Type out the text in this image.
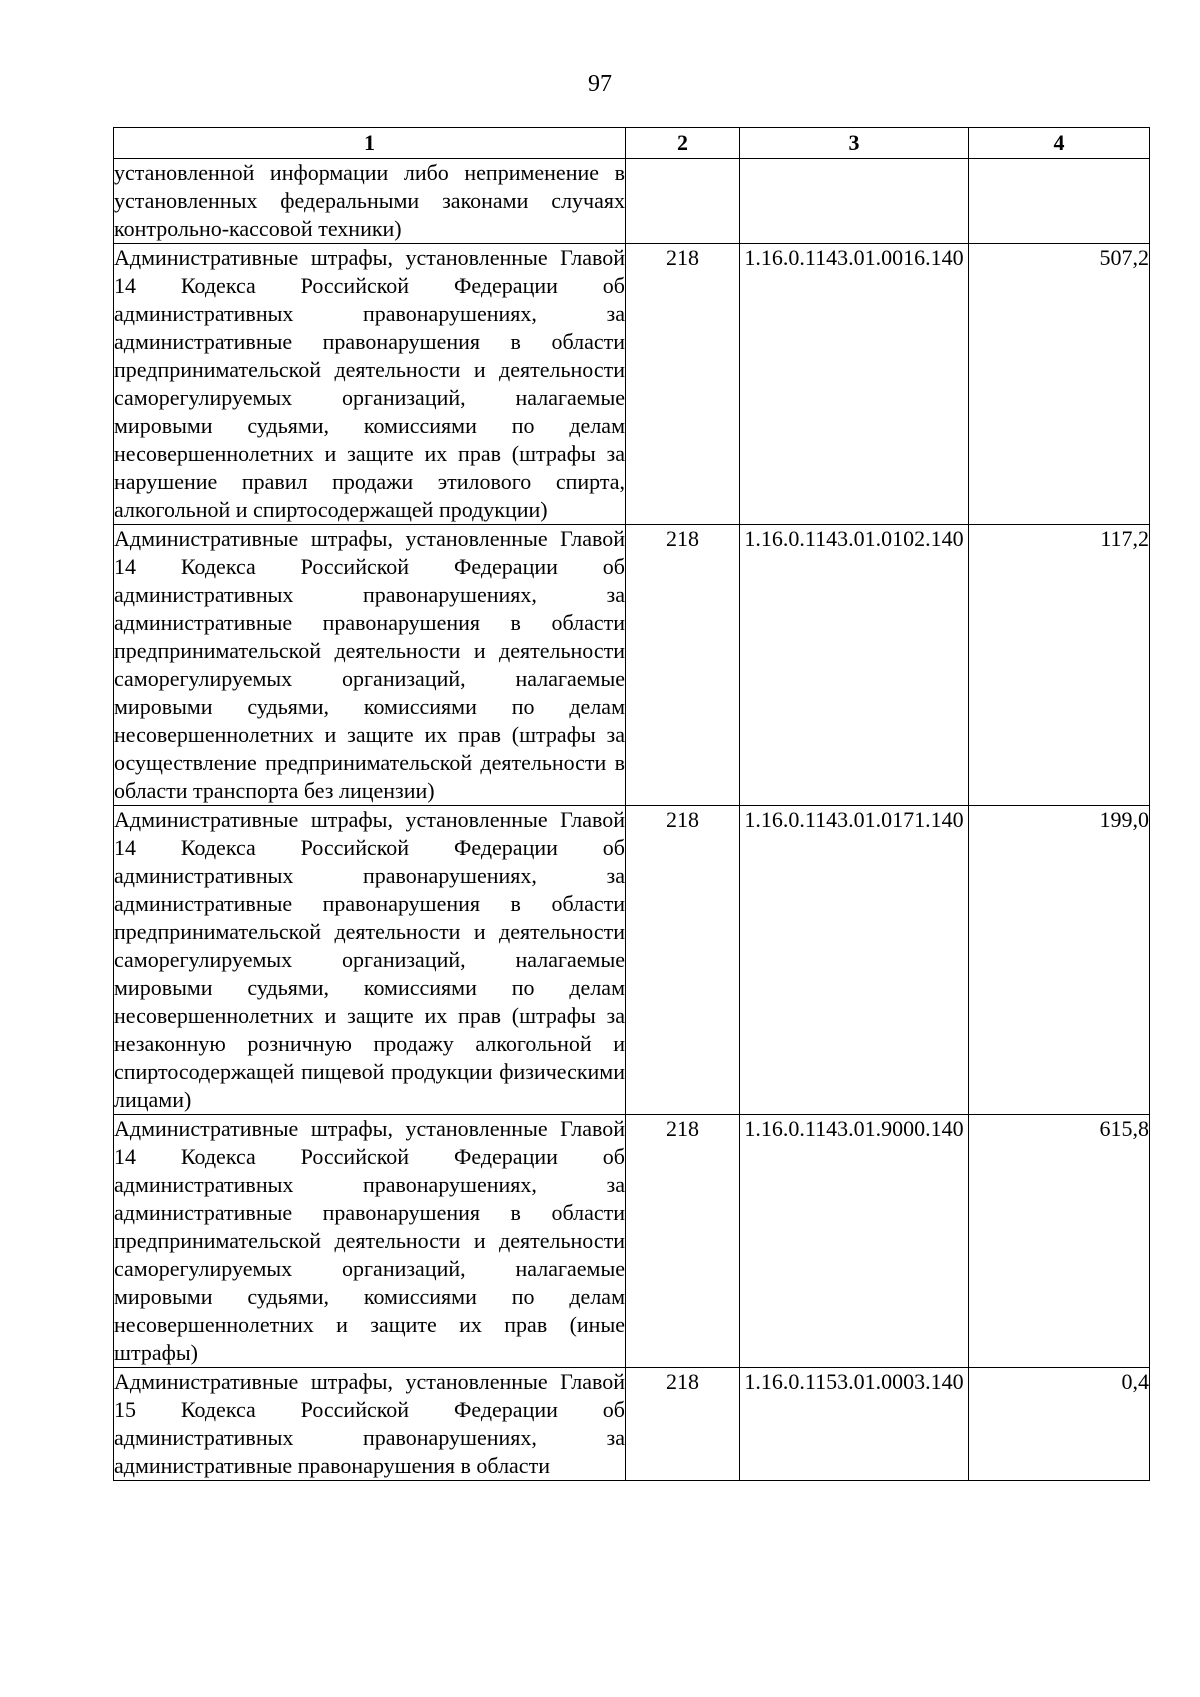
97
1	2	3	4
установленной информации либо неприменение в установленных федеральными законами случаях контрольно-кассовой техники)			
Административные штрафы, установленные Главой 14 Кодекса Российской Федерации об административных правонарушениях, за административные правонарушения в области предпринимательской деятельности и деятельности саморегулируемых организаций, налагаемые мировыми судьями, комиссиями по делам несовершеннолетних и защите их прав (штрафы за нарушение правил продажи этилового спирта, алкогольной и спиртосодержащей продукции)	218	1.16.0.1143.01.0016.140	507,2
Административные штрафы, установленные Главой 14 Кодекса Российской Федерации об административных правонарушениях, за административные правонарушения в области предпринимательской деятельности и деятельности саморегулируемых организаций, налагаемые мировыми судьями, комиссиями по делам несовершеннолетних и защите их прав (штрафы за осуществление предпринимательской деятельности в области транспорта без лицензии)	218	1.16.0.1143.01.0102.140	117,2
Административные штрафы, установленные Главой 14 Кодекса Российской Федерации об административных правонарушениях, за административные правонарушения в области предпринимательской деятельности и деятельности саморегулируемых организаций, налагаемые мировыми судьями, комиссиями по делам несовершеннолетних и защите их прав (штрафы за незаконную розничную продажу алкогольной и спиртосодержащей пищевой продукции физическими лицами)	218	1.16.0.1143.01.0171.140	199,0
Административные штрафы, установленные Главой 14 Кодекса Российской Федерации об административных правонарушениях, за административные правонарушения в области предпринимательской деятельности и деятельности саморегулируемых организаций, налагаемые мировыми судьями, комиссиями по делам несовершеннолетних и защите их прав (иные штрафы)	218	1.16.0.1143.01.9000.140	615,8
Административные штрафы, установленные Главой 15 Кодекса Российской Федерации об административных правонарушениях, за административные правонарушения в области	218	1.16.0.1153.01.0003.140	0,4
